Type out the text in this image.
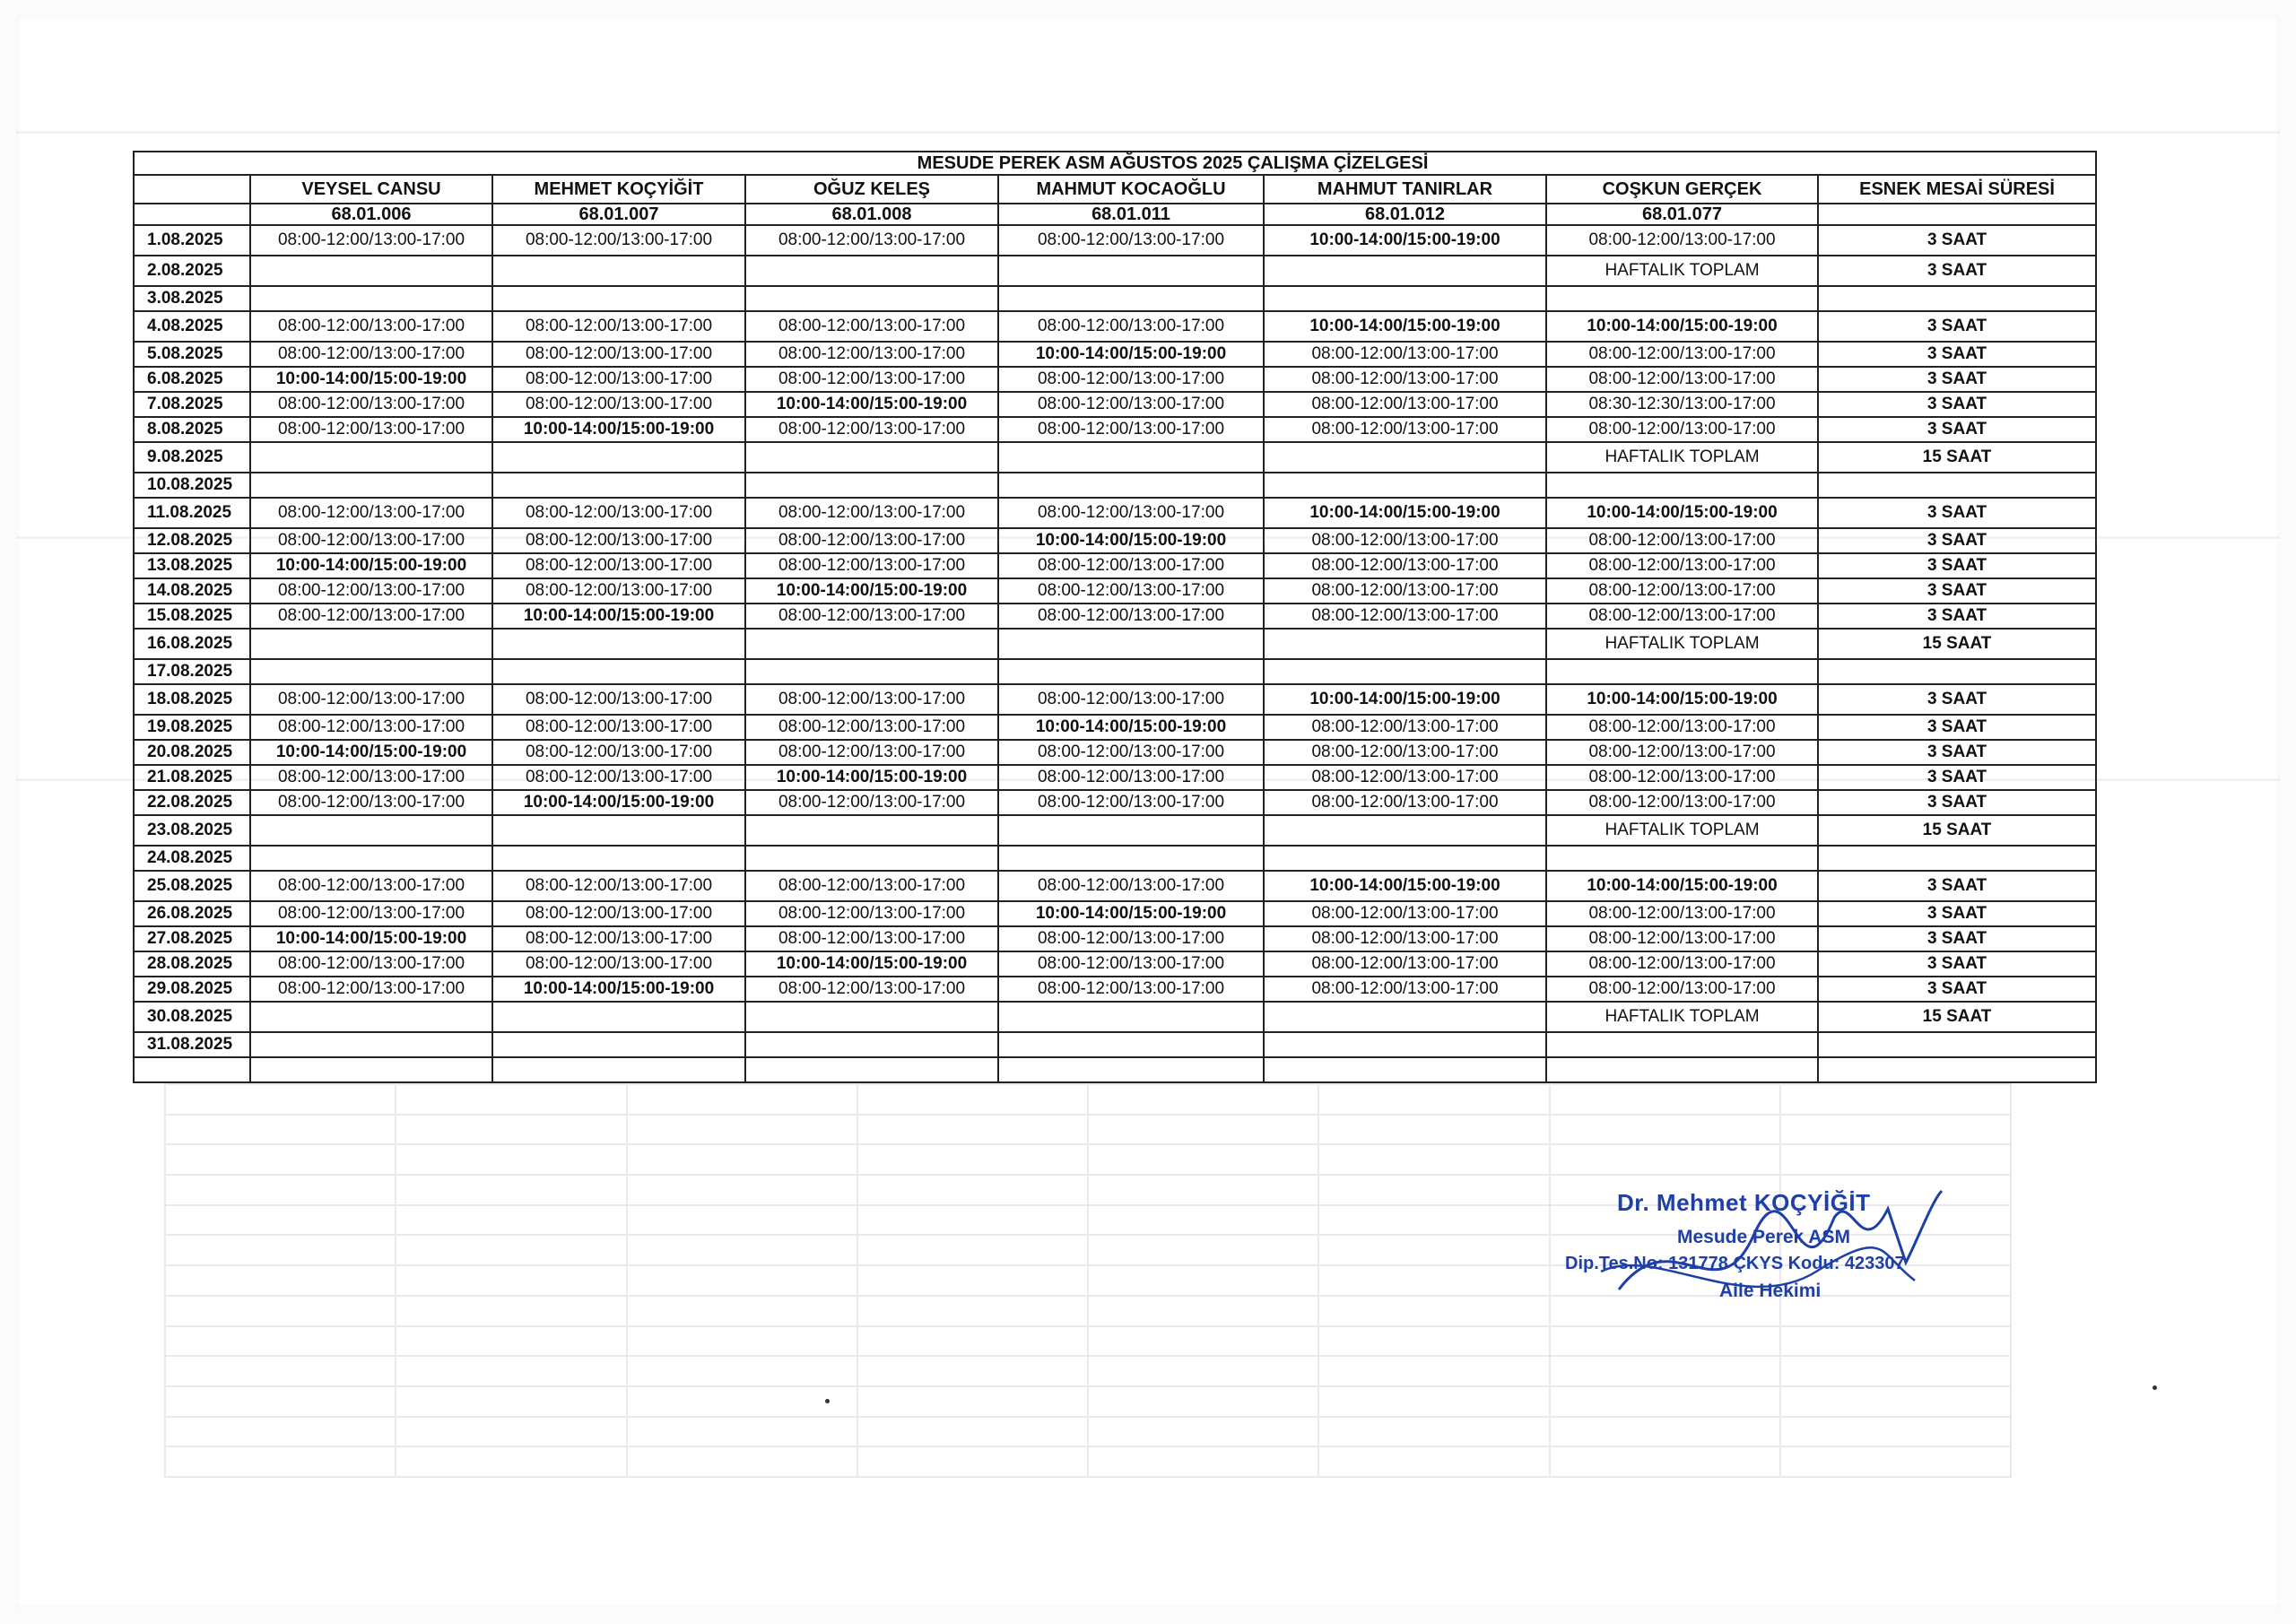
	MESUDE PEREK ASM AĞUSTOS 2025 ÇALIŞMA ÇİZELGESİ						
	VEYSEL CANSU	MEHMET KOÇYİĞİT	OĞUZ KELEŞ	MAHMUT KOCAOĞLU	MAHMUT TANIRLAR	COŞKUN GERÇEK	ESNEK MESAİ SÜRESİ
	68.01.006	68.01.007	68.01.008	68.01.011	68.01.012	68.01.077	
1.08.2025	08:00-12:00/13:00-17:00	08:00-12:00/13:00-17:00	08:00-12:00/13:00-17:00	08:00-12:00/13:00-17:00	10:00-14:00/15:00-19:00	08:00-12:00/13:00-17:00	3 SAAT
2.08.2025						HAFTALIK TOPLAM	3 SAAT
3.08.2025							
4.08.2025	08:00-12:00/13:00-17:00	08:00-12:00/13:00-17:00	08:00-12:00/13:00-17:00	08:00-12:00/13:00-17:00	10:00-14:00/15:00-19:00	10:00-14:00/15:00-19:00	3 SAAT
5.08.2025	08:00-12:00/13:00-17:00	08:00-12:00/13:00-17:00	08:00-12:00/13:00-17:00	10:00-14:00/15:00-19:00	08:00-12:00/13:00-17:00	08:00-12:00/13:00-17:00	3 SAAT
6.08.2025	10:00-14:00/15:00-19:00	08:00-12:00/13:00-17:00	08:00-12:00/13:00-17:00	08:00-12:00/13:00-17:00	08:00-12:00/13:00-17:00	08:00-12:00/13:00-17:00	3 SAAT
7.08.2025	08:00-12:00/13:00-17:00	08:00-12:00/13:00-17:00	10:00-14:00/15:00-19:00	08:00-12:00/13:00-17:00	08:00-12:00/13:00-17:00	08:30-12:30/13:00-17:00	3 SAAT
8.08.2025	08:00-12:00/13:00-17:00	10:00-14:00/15:00-19:00	08:00-12:00/13:00-17:00	08:00-12:00/13:00-17:00	08:00-12:00/13:00-17:00	08:00-12:00/13:00-17:00	3 SAAT
9.08.2025						HAFTALIK TOPLAM	15 SAAT
10.08.2025							
11.08.2025	08:00-12:00/13:00-17:00	08:00-12:00/13:00-17:00	08:00-12:00/13:00-17:00	08:00-12:00/13:00-17:00	10:00-14:00/15:00-19:00	10:00-14:00/15:00-19:00	3 SAAT
12.08.2025	08:00-12:00/13:00-17:00	08:00-12:00/13:00-17:00	08:00-12:00/13:00-17:00	10:00-14:00/15:00-19:00	08:00-12:00/13:00-17:00	08:00-12:00/13:00-17:00	3 SAAT
13.08.2025	10:00-14:00/15:00-19:00	08:00-12:00/13:00-17:00	08:00-12:00/13:00-17:00	08:00-12:00/13:00-17:00	08:00-12:00/13:00-17:00	08:00-12:00/13:00-17:00	3 SAAT
14.08.2025	08:00-12:00/13:00-17:00	08:00-12:00/13:00-17:00	10:00-14:00/15:00-19:00	08:00-12:00/13:00-17:00	08:00-12:00/13:00-17:00	08:00-12:00/13:00-17:00	3 SAAT
15.08.2025	08:00-12:00/13:00-17:00	10:00-14:00/15:00-19:00	08:00-12:00/13:00-17:00	08:00-12:00/13:00-17:00	08:00-12:00/13:00-17:00	08:00-12:00/13:00-17:00	3 SAAT
16.08.2025						HAFTALIK TOPLAM	15 SAAT
17.08.2025							
18.08.2025	08:00-12:00/13:00-17:00	08:00-12:00/13:00-17:00	08:00-12:00/13:00-17:00	08:00-12:00/13:00-17:00	10:00-14:00/15:00-19:00	10:00-14:00/15:00-19:00	3 SAAT
19.08.2025	08:00-12:00/13:00-17:00	08:00-12:00/13:00-17:00	08:00-12:00/13:00-17:00	10:00-14:00/15:00-19:00	08:00-12:00/13:00-17:00	08:00-12:00/13:00-17:00	3 SAAT
20.08.2025	10:00-14:00/15:00-19:00	08:00-12:00/13:00-17:00	08:00-12:00/13:00-17:00	08:00-12:00/13:00-17:00	08:00-12:00/13:00-17:00	08:00-12:00/13:00-17:00	3 SAAT
21.08.2025	08:00-12:00/13:00-17:00	08:00-12:00/13:00-17:00	10:00-14:00/15:00-19:00	08:00-12:00/13:00-17:00	08:00-12:00/13:00-17:00	08:00-12:00/13:00-17:00	3 SAAT
22.08.2025	08:00-12:00/13:00-17:00	10:00-14:00/15:00-19:00	08:00-12:00/13:00-17:00	08:00-12:00/13:00-17:00	08:00-12:00/13:00-17:00	08:00-12:00/13:00-17:00	3 SAAT
23.08.2025						HAFTALIK TOPLAM	15 SAAT
24.08.2025							
25.08.2025	08:00-12:00/13:00-17:00	08:00-12:00/13:00-17:00	08:00-12:00/13:00-17:00	08:00-12:00/13:00-17:00	10:00-14:00/15:00-19:00	10:00-14:00/15:00-19:00	3 SAAT
26.08.2025	08:00-12:00/13:00-17:00	08:00-12:00/13:00-17:00	08:00-12:00/13:00-17:00	10:00-14:00/15:00-19:00	08:00-12:00/13:00-17:00	08:00-12:00/13:00-17:00	3 SAAT
27.08.2025	10:00-14:00/15:00-19:00	08:00-12:00/13:00-17:00	08:00-12:00/13:00-17:00	08:00-12:00/13:00-17:00	08:00-12:00/13:00-17:00	08:00-12:00/13:00-17:00	3 SAAT
28.08.2025	08:00-12:00/13:00-17:00	08:00-12:00/13:00-17:00	10:00-14:00/15:00-19:00	08:00-12:00/13:00-17:00	08:00-12:00/13:00-17:00	08:00-12:00/13:00-17:00	3 SAAT
29.08.2025	08:00-12:00/13:00-17:00	10:00-14:00/15:00-19:00	08:00-12:00/13:00-17:00	08:00-12:00/13:00-17:00	08:00-12:00/13:00-17:00	08:00-12:00/13:00-17:00	3 SAAT
30.08.2025						HAFTALIK TOPLAM	15 SAAT
31.08.2025							

Dr. Mehmet KOÇYİĞİT
Mesude Perek ASM
Dip.Tes.No: 131778 ÇKYS Kodu: 423307
Aile Hekimi
